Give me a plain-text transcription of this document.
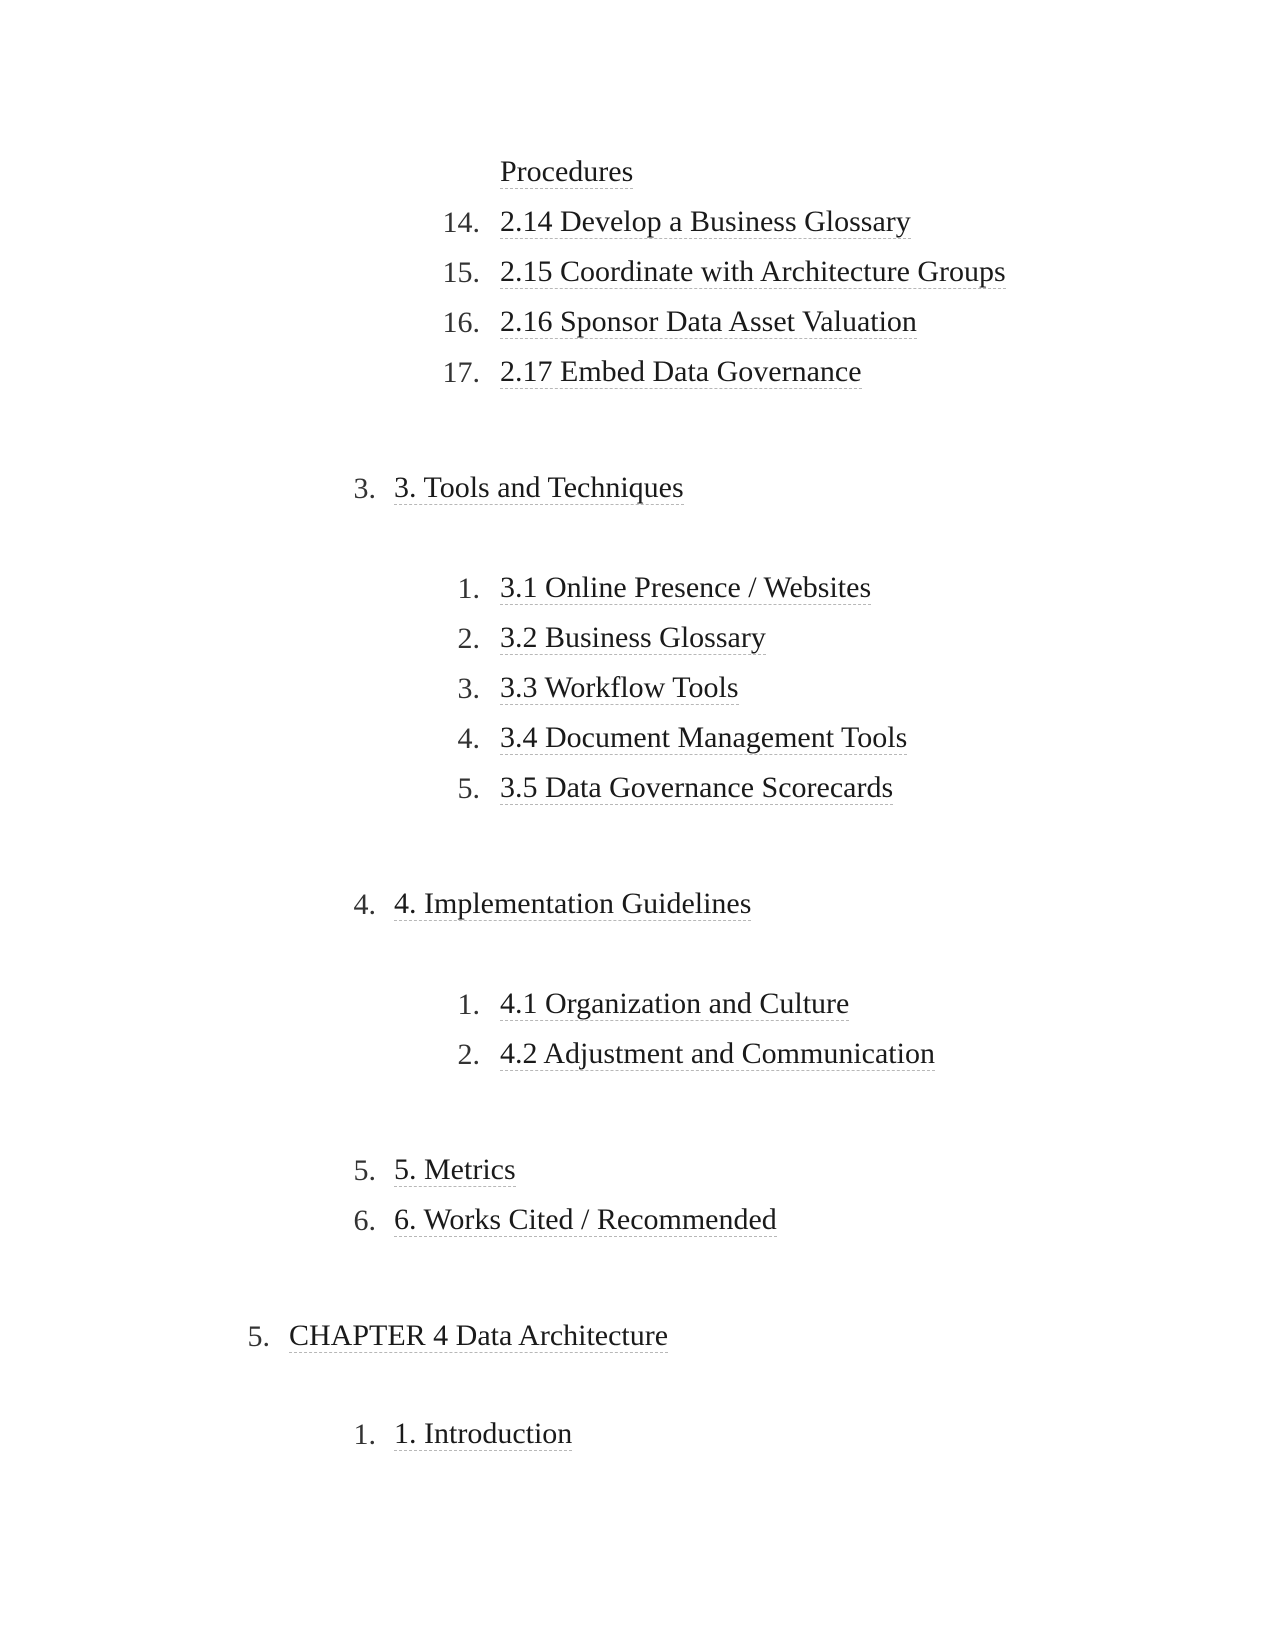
Procedures
14. 2.14 Develop a Business Glossary
15. 2.15 Coordinate with Architecture Groups
16. 2.16 Sponsor Data Asset Valuation
17. 2.17 Embed Data Governance
3. 3. Tools and Techniques
1. 3.1 Online Presence / Websites
2. 3.2 Business Glossary
3. 3.3 Workflow Tools
4. 3.4 Document Management Tools
5. 3.5 Data Governance Scorecards
4. 4. Implementation Guidelines
1. 4.1 Organization and Culture
2. 4.2 Adjustment and Communication
5. 5. Metrics
6. 6. Works Cited / Recommended
5. CHAPTER 4 Data Architecture
1. 1. Introduction
